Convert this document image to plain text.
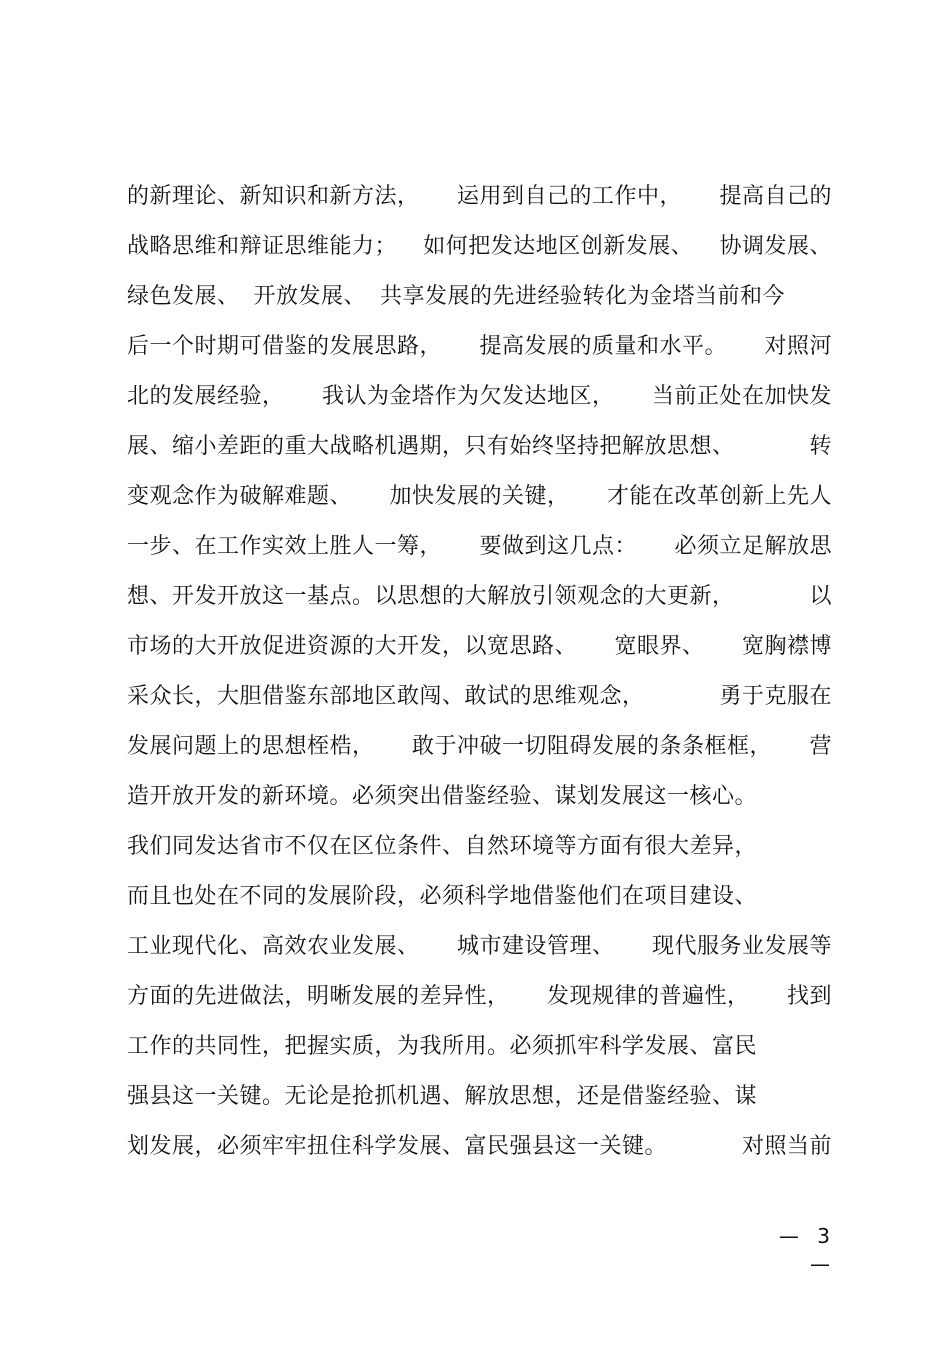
的新理论、新知识和新方法， 运用到自己的工作中， 提高自己的
战略思维和辩证思维能力； 如何把发达地区创新发展、 协调发展、
绿色发展、 开放发展、 共享发展的先进经验转化为金塔当前和今
后一个时期可借鉴的发展思路， 提高发展的质量和水平。 对照河
北的发展经验， 我认为金塔作为欠发达地区， 当前正处在加快发
展、缩小差距的重大战略机遇期，只有始终坚持把解放思想、	转
变观念作为破解难题、 加快发展的关键， 才能在改革创新上先人
一步、在工作实效上胜人一筹， 要做到这几点： 必须立足解放思
想、开发开放这一基点。以思想的大解放引领观念的大更新，	以
市场的大开放促进资源的大开发，以宽思路、 宽眼界、 宽胸襟博
采众长，大胆借鉴东部地区敢闯、敢试的思维观念，	勇于克服在
发展问题上的思想桎梏， 敢于冲破一切阻碍发展的条条框框， 营
造开放开发的新环境。必须突出借鉴经验、谋划发展这一核心。
我们同发达省市不仅在区位条件、自然环境等方面有很大差异，
而且也处在不同的发展阶段，必须科学地借鉴他们在项目建设、
工业现代化、高效农业发展、 城市建设管理、 现代服务业发展等
方面的先进做法，明晰发展的差异性， 发现规律的普遍性， 找到
工作的共同性，把握实质，为我所用。必须抓牢科学发展、富民
强县这一关键。无论是抢抓机遇、解放思想，还是借鉴经验、谋
划发展，必须牢牢扭住科学发展、富民强县这一关键。	对照当前
— 3 —
